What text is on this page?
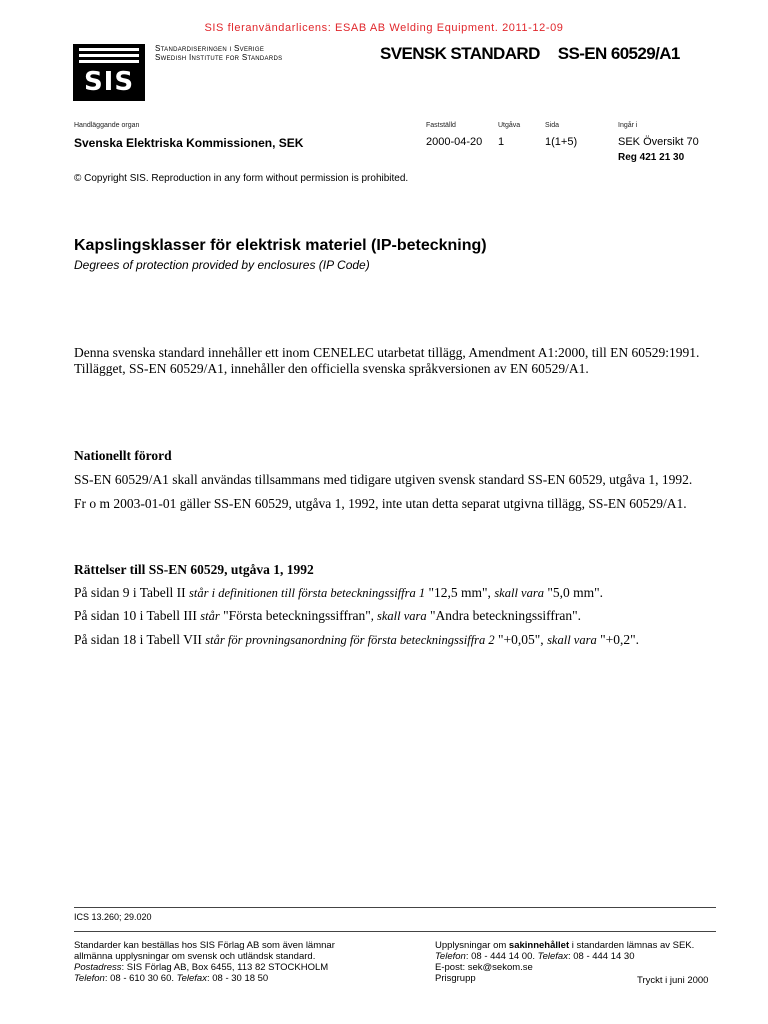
SIS fleranvändarlicens: ESAB AB Welding Equipment. 2011-12-09
SIS
Standardiseringen i Sverige
Swedish Institute for Standards	SVENSK STANDARD SS-EN 60529/A1
Handläggande organ	Fastställd	Utgåva	Sida	Ingår i
Svenska Elektriska Kommissionen, SEK	2000-04-20 1	1(1+5)	SEK Översikt 70
Reg 421 21 30
© Copyright SIS. Reproduction in any form without permission is prohibited.
Kapslingsklasser för elektrisk materiel (IP-beteckning)
Degrees of protection provided by enclosures (IP Code)
Denna svenska standard innehåller ett inom CENELEC utarbetat tillägg, Amendment A1:2000, till EN 60529:1991.
Tillägget, SS-EN 60529/A1, innehåller den officiella svenska språkversionen av EN 60529/A1.
Nationellt förord
SS-EN 60529/A1 skall användas tillsammans med tidigare utgiven svensk standard SS-EN 60529, utgåva 1, 1992.
Fr o m 2003-01-01 gäller SS-EN 60529, utgåva 1, 1992, inte utan detta separat utgivna tillägg, SS-EN 60529/A1.
Rättelser till SS-EN 60529, utgåva 1, 1992
På sidan 9 i Tabell II står i definitionen till första beteckningssiffra 1 "12,5 mm", skall vara "5,0 mm".
På sidan 10 i Tabell III står "Första beteckningssiffran", skall vara "Andra beteckningssiffran".
På sidan 18 i Tabell VII står för provningsanordning för första beteckningssiffra 2 "+0,05", skall vara "+0,2".
ICS 13.260; 29.020
Standarder kan beställas hos SIS Förlag AB som även lämnar
allmänna upplysningar om svensk och utländsk standard.
Postadress: SIS Förlag AB, Box 6455, 113 82 STOCKHOLM
Telefon: 08 - 610 30 60. Telefax: 08 - 30 18 50
Upplysningar om sakinnehållet i standarden lämnas av SEK.
Telefon: 08 - 444 14 00. Telefax: 08 - 444 14 30
E-post: sek@sekom.se
Prisgrupp	Tryckt i juni 2000
